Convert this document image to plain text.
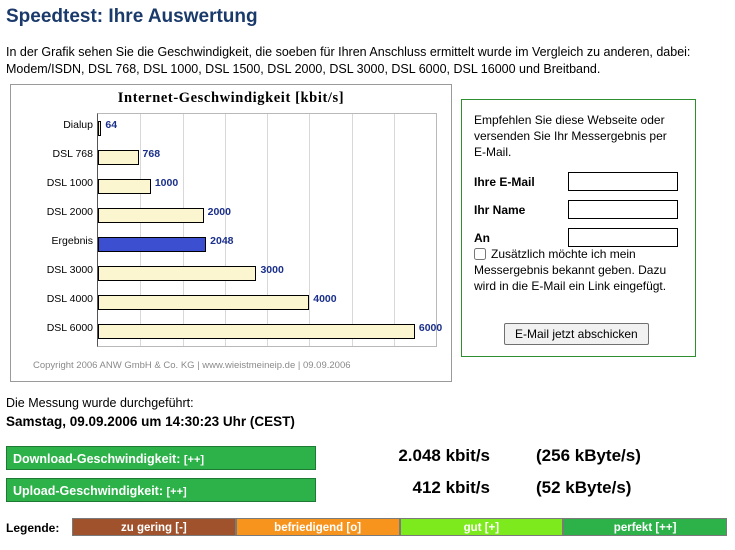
Speedtest: Ihre Auswertung
In der Grafik sehen Sie die Geschwindigkeit, die soeben für Ihren Anschluss ermittelt wurde im Vergleich zu anderen, dabei: Modem/ISDN, DSL 768, DSL 1000, DSL 1500, DSL 2000, DSL 3000, DSL 6000, DSL 16000 und Breitband.
Internet-Geschwindigkeit [kbit/s]
Dialup
DSL 768
DSL 1000
DSL 2000
Ergebnis
DSL 3000
DSL 4000
DSL 6000
64
768
1000
2000
2048
3000
4000
6000
Copyright 2006 ANW GmbH & Co. KG | www.wieistmeineip.de | 09.09.2006
Empfehlen Sie diese Webseite oder versenden Sie Ihr Messergebnis per E-Mail.
Ihre E-Mail
Ihr Name
An
Zusätzlich möchte ich mein Messergebnis bekannt geben. Dazu wird in die E-Mail ein Link eingefügt.
E-Mail jetzt abschicken
Die Messung wurde durchgeführt:
Samstag, 09.09.2006 um 14:30:23 Uhr (CEST)
Download-Geschwindigkeit: [++]	2.048 kbit/s	(256 kByte/s)
Upload-Geschwindigkeit: [++]	412 kbit/s	(52 kByte/s)
Legende:	zu gering [-]	befriedigend [o]	gut [+]	perfekt [++]
